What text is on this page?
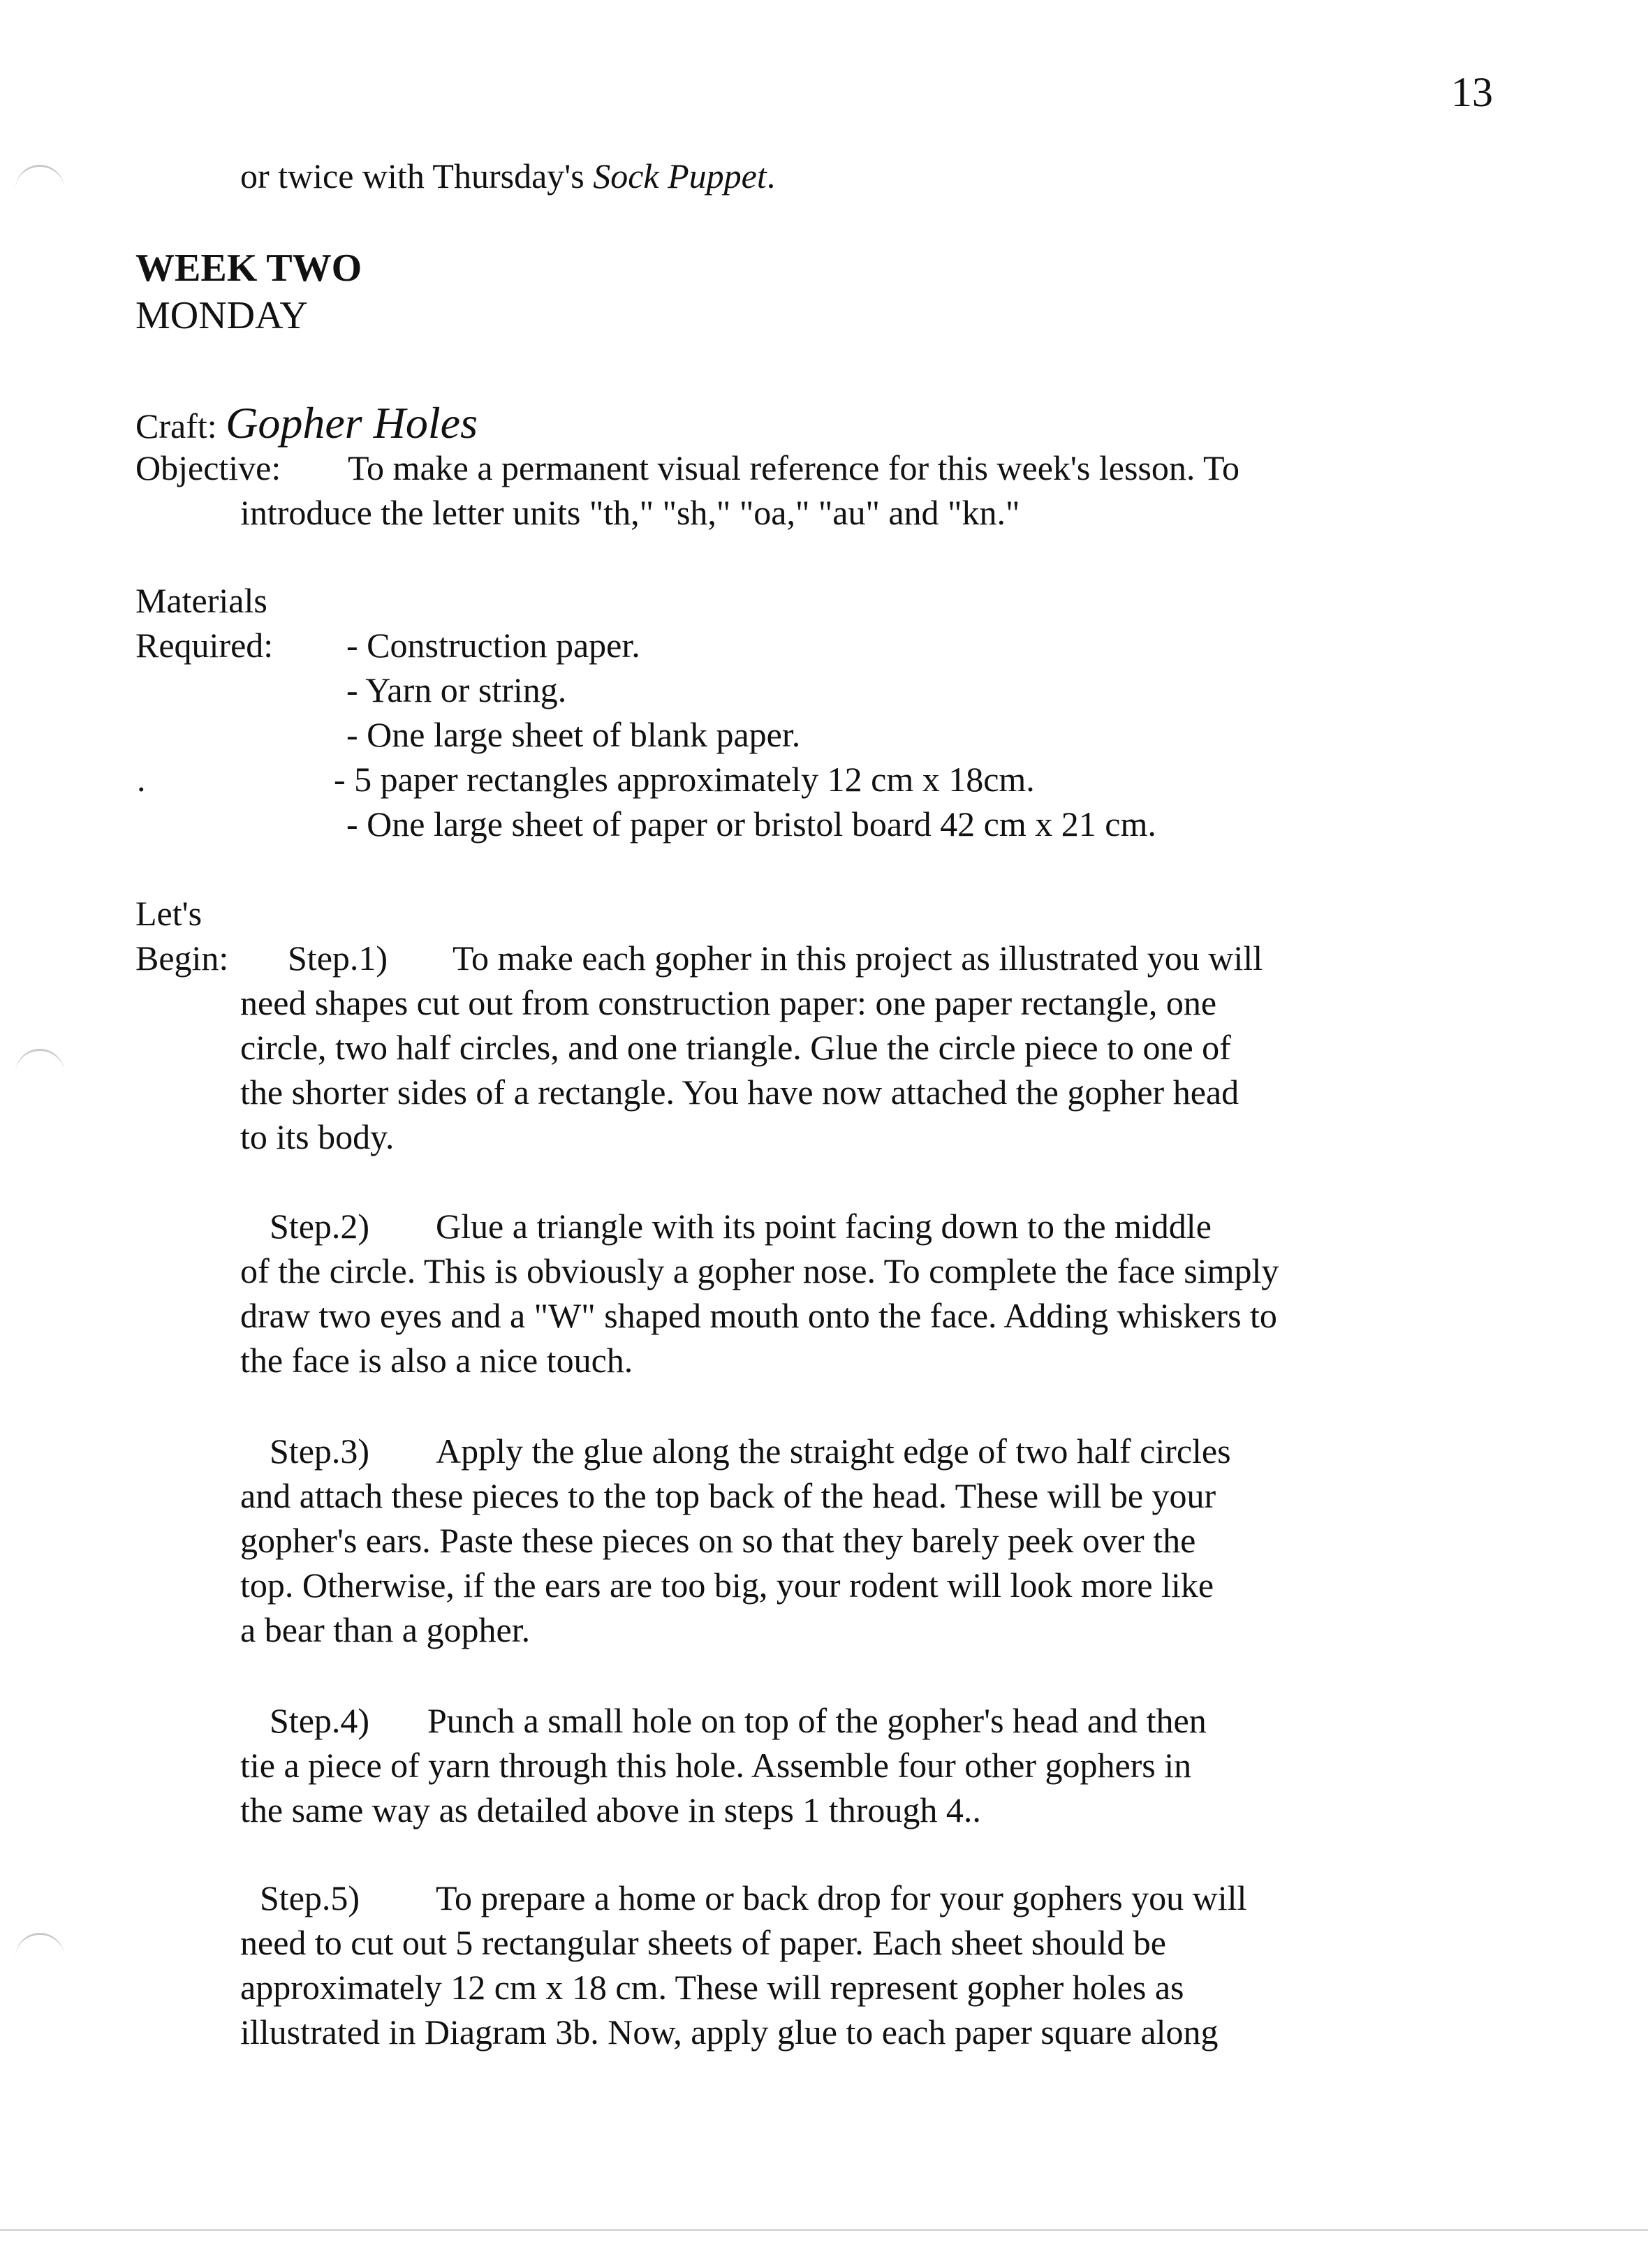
13
or twice with Thursday's Sock Puppet.
WEEK TWO
MONDAY
Craft: Gopher Holes
Objective: To make a permanent visual reference for this week's lesson. To
introduce the letter units "th," "sh," "oa," "au" and "kn."
Materials
Required: - Construction paper.
- Yarn or string.
- One large sheet of blank paper.
.	- 5 paper rectangles approximately 12 cm x 18cm.
- One large sheet of paper or bristol board 42 cm x 21 cm.
Let's
Begin: Step.1) To make each gopher in this project as illustrated you will
need shapes cut out from construction paper: one paper rectangle, one
circle, two half circles, and one triangle. Glue the circle piece to one of
the shorter sides of a rectangle. You have now attached the gopher head
to its body.
Step.2) Glue a triangle with its point facing down to the middle
of the circle. This is obviously a gopher nose. To complete the face simply
draw two eyes and a "W" shaped mouth onto the face. Adding whiskers to
the face is also a nice touch.
Step.3) Apply the glue along the straight edge of two half circles
and attach these pieces to the top back of the head. These will be your
gopher's ears. Paste these pieces on so that they barely peek over the
top. Otherwise, if the ears are too big, your rodent will look more like
a bear than a gopher.
Step.4) Punch a small hole on top of the gopher's head and then
tie a piece of yarn through this hole. Assemble four other gophers in
the same way as detailed above in steps 1 through 4..
Step.5) To prepare a home or back drop for your gophers you will
need to cut out 5 rectangular sheets of paper. Each sheet should be
approximately 12 cm x 18 cm. These will represent gopher holes as
illustrated in Diagram 3b. Now, apply glue to each paper square along
